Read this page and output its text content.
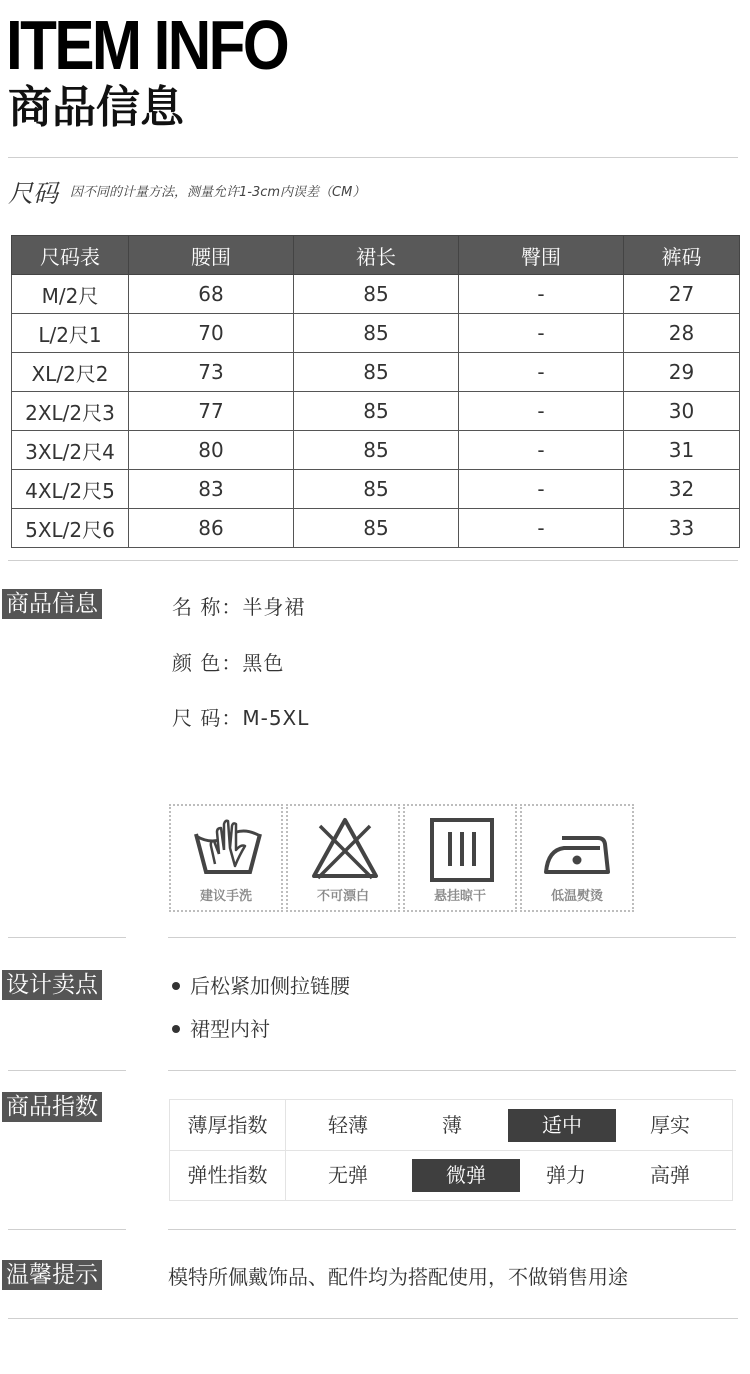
ITEM INFO
商品信息
尺码 因不同的计量方法，测量允许1-3cm内误差（CM）
尺码表	腰围	裙长	臀围	裤码
M/2尺	68	85	-	27
L/2尺1	70	85	-	28
XL/2尺2	73	85	-	29
2XL/2尺3	77	85	-	30
3XL/2尺4	80	85	-	31
4XL/2尺5	83	85	-	32
5XL/2尺6	86	85	-	33
商品信息	名 称：半身裙
颜 色：黑色
尺 码：M-5XL
建议手洗	不可漂白	悬挂晾干	低温熨烫
设计卖点	后松紧加侧拉链腰
裙型内衬
商品指数
薄厚指数	轻薄	薄	适中	厚实
弹性指数	无弹	微弹	弹力	高弹
温馨提示	模特所佩戴饰品、配件均为搭配使用，不做销售用途
